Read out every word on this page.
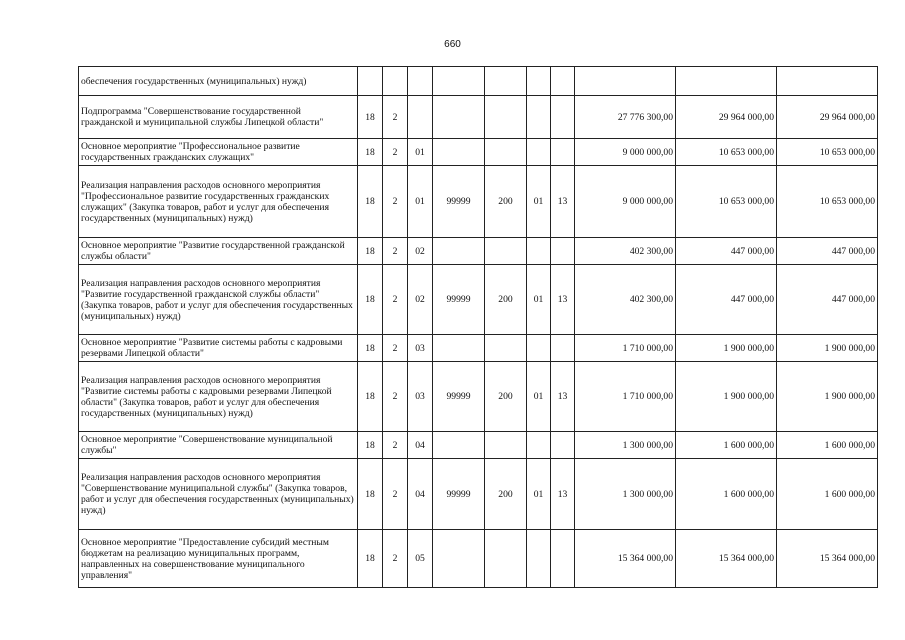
660
обеспечения государственных (муниципальных) нужд)										
Подпрограмма "Совершенствование государственной гражданской и муниципальной службы Липецкой области"	18	2						27 776 300,00	29 964 000,00	29 964 000,00
Основное мероприятие "Профессиональное развитие государственных гражданских служащих"	18	2	01					9 000 000,00	10 653 000,00	10 653 000,00
Реализация направления расходов основного мероприятия "Профессиональное развитие государственных гражданских служащих" (Закупка товаров, работ и услуг для обеспечения государственных (муниципальных) нужд)	18	2	01	99999	200	01	13	9 000 000,00	10 653 000,00	10 653 000,00
Основное мероприятие "Развитие государственной гражданской службы области"	18	2	02					402 300,00	447 000,00	447 000,00
Реализация направления расходов основного мероприятия "Развитие государственной гражданской службы области" (Закупка товаров, работ и услуг для обеспечения государственных (муниципальных) нужд)	18	2	02	99999	200	01	13	402 300,00	447 000,00	447 000,00
Основное мероприятие "Развитие системы работы с кадровыми резервами Липецкой области"	18	2	03					1 710 000,00	1 900 000,00	1 900 000,00
Реализация направления расходов основного мероприятия "Развитие системы работы с кадровыми резервами Липецкой области" (Закупка товаров, работ и услуг для обеспечения государственных (муниципальных) нужд)	18	2	03	99999	200	01	13	1 710 000,00	1 900 000,00	1 900 000,00
Основное мероприятие "Совершенствование муниципальной службы"	18	2	04					1 300 000,00	1 600 000,00	1 600 000,00
Реализация направления расходов основного мероприятия "Совершенствование муниципальной службы" (Закупка товаров, работ и услуг для обеспечения государственных (муниципальных) нужд)	18	2	04	99999	200	01	13	1 300 000,00	1 600 000,00	1 600 000,00
Основное мероприятие "Предоставление субсидий местным бюджетам на реализацию муниципальных программ, направленных на совершенствование муниципального управления"	18	2	05					15 364 000,00	15 364 000,00	15 364 000,00
